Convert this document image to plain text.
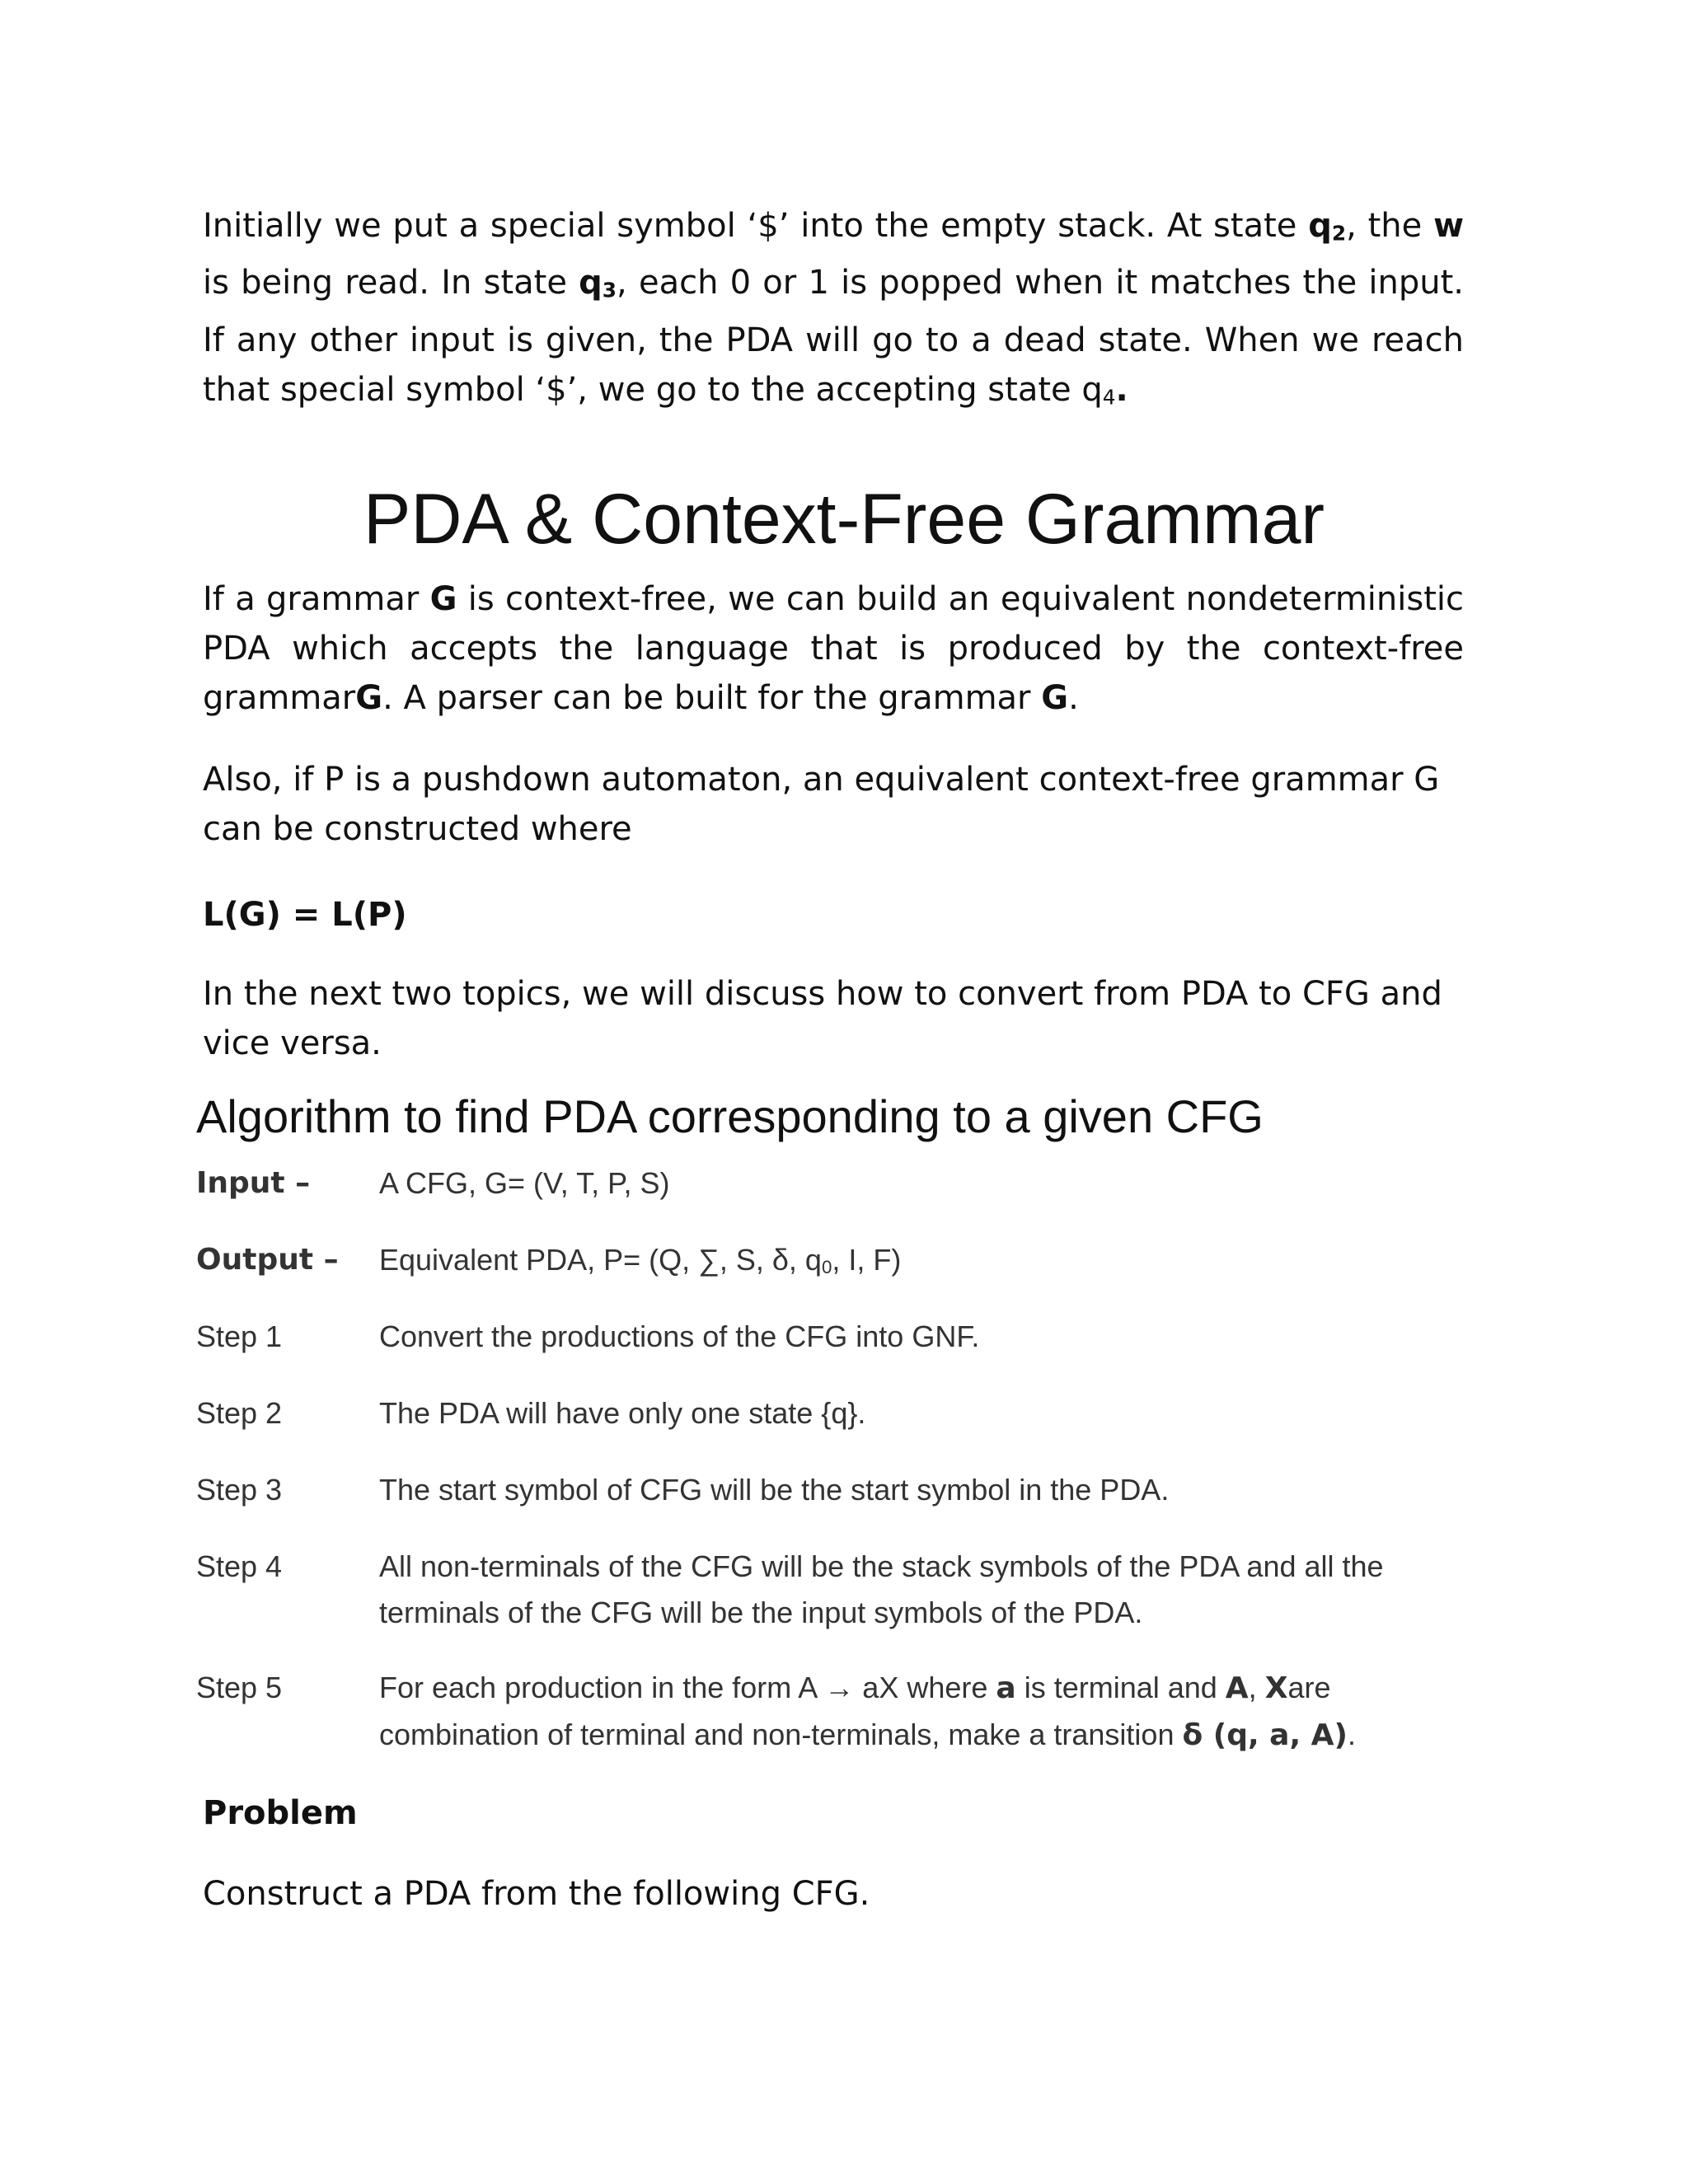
Initially we put a special symbol ‘$’ into the empty stack. At state q2, the w is being read. In state q3, each 0 or 1 is popped when it matches the input. If any other input is given, the PDA will go to a dead state. When we reach that special symbol ‘$’, we go to the accepting state q4.

PDA & Context-Free Grammar

If a grammar G is context-free, we can build an equivalent nondeterministic PDA which accepts the language that is produced by the context-free grammarG. A parser can be built for the grammar G.

Also, if P is a pushdown automaton, an equivalent context-free grammar G can be constructed where

L(G) = L(P)

In the next two topics, we will discuss how to convert from PDA to CFG and vice versa.

Algorithm to find PDA corresponding to a given CFG
Input –	A CFG, G= (V, T, P, S)
Output –	Equivalent PDA, P= (Q, ∑, S, δ, q0, I, F)
Step 1	Convert the productions of the CFG into GNF.
Step 2	The PDA will have only one state {q}.
Step 3	The start symbol of CFG will be the start symbol in the PDA.
Step 4	All non-terminals of the CFG will be the stack symbols of the PDA and all the terminals of the CFG will be the input symbols of the PDA.
Step 5	For each production in the form A → aX where a is terminal and A, Xare combination of terminal and non-terminals, make a transition δ (q, a, A).

Problem

Construct a PDA from the following CFG.
